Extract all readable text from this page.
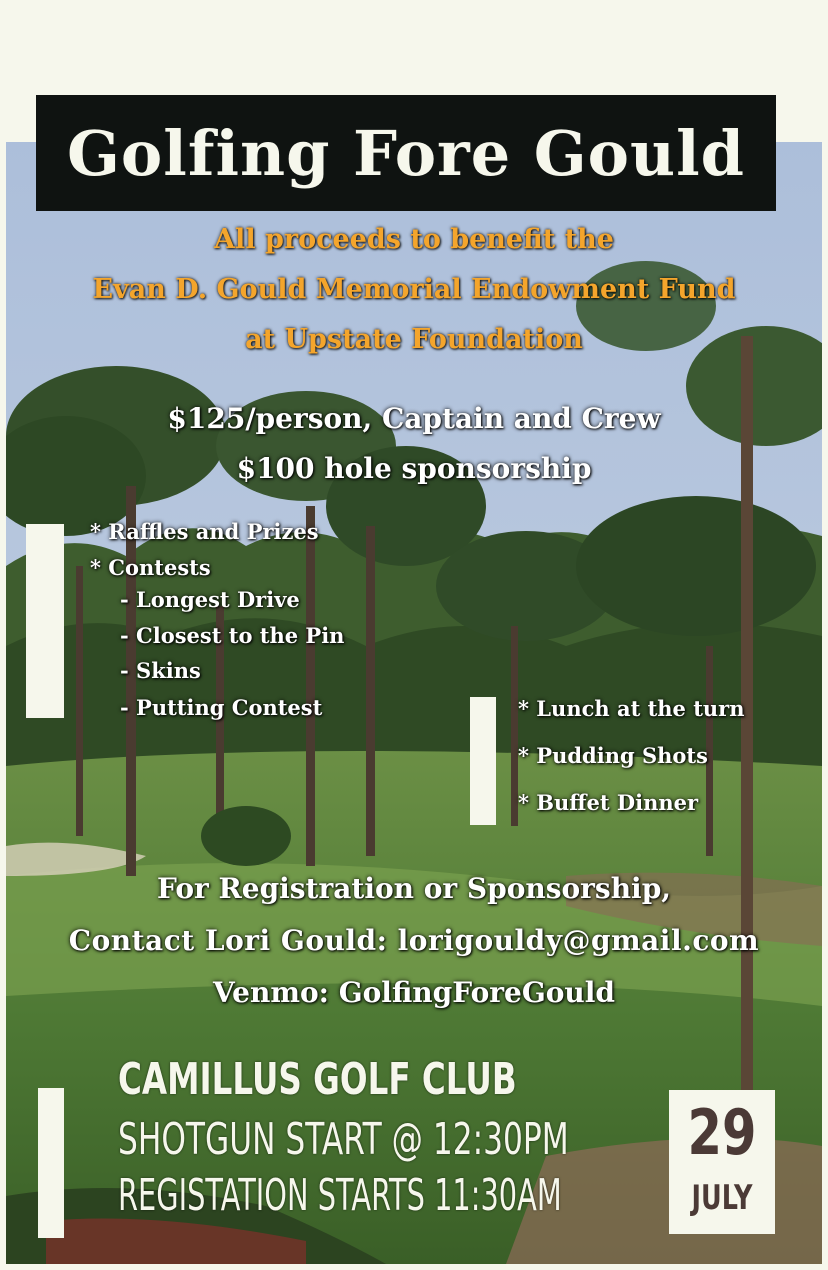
Golfing Fore Gould
All proceeds to benefit the
Evan D. Gould Memorial Endowment Fund
at Upstate Foundation
$125/person, Captain and Crew
$100 hole sponsorship
* Raffles and Prizes
* Contests
- Longest Drive
- Closest to the Pin
- Skins
- Putting Contest	* Lunch at the turn
* Pudding Shots
* Buffet Dinner
For Registration or Sponsorship,
Contact Lori Gould: lorigouldy@gmail.com
Venmo: GolfingForeGould
CAMILLUS GOLF CLUB
SHOTGUN START @ 12:30PM
REGISTATION STARTS 11:30AM
29
JULY
